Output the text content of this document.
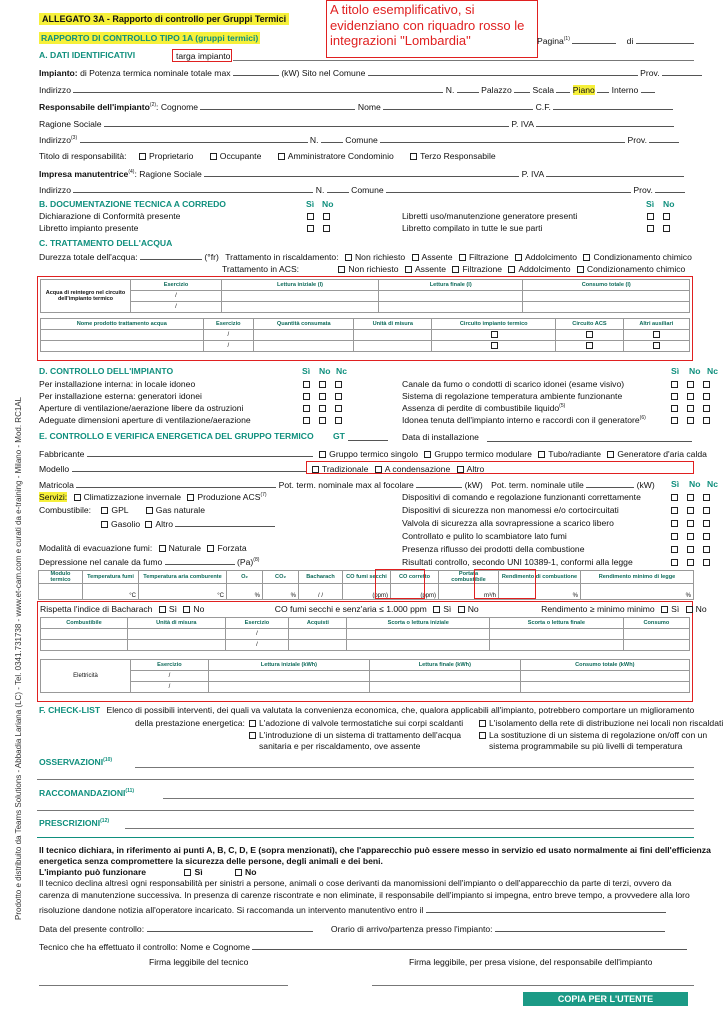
Prodotto e distribuito da Teams Solutions - Abbadia Lariana (LC) - Tel. 0341.731738 - www.et-cam.com e curati da e-training - Milano - Mod. RC1AL
ALLEGATO 3A - Rapporto di controllo per Gruppi Termici
RAPPORTO DI CONTROLLO TIPO 1A (gruppi termici)
A titolo esemplificativo, si evidenziano con riquadro rosso le integrazioni "Lombardia"	Pagina$^{(1)}$	di
A. DATI IDENTIFICATIVI	targa impianto
Impianto: di Potenza termica nominale totale max	(kW) Sito nel Comune	Prov.
Indirizzo	N.	Palazzo Scala Piano Interno
Responsabile dell'impianto$^{(2)}$: Cognome	Nome	C.F.
Ragione Sociale	P. IVA
Indirizzo$^{(3)}$	N.	Comune	Prov.
Titolo di responsabilità:	Proprietario	Occupante	Amministratore Condominio	Terzo Responsabile
Impresa manutentrice$^{(4)}$: Ragione Sociale	P. IVA
Indirizzo	N.	Comune	Prov.
B. DOCUMENTAZIONE TECNICA A CORREDO	Sì No	Sì No
Dichiarazione di Conformità presente
Libretto impianto presente
Libretti uso/manutenzione generatore presenti
Libretto compilato in tutte le sue parti
C. TRATTAMENTO DELL'ACQUA
Durezza totale dell'acqua:	(°fr) Trattamento in riscaldamento: Non richiesto Assente Filtrazione Addolcimento Condizionamento chimico
Trattamento in ACS:	Non richiesto Assente Filtrazione Addolcimento Condizionamento chimico
Acqua di reintegro nel circuito dell'impianto termico	Esercizio	Lettura iniziale (l)	Lettura finale (l)	Consumo totale (l)
	/			
	/			
Nome prodotto trattamento acqua	Esercizio	Quantità consumata	Unità di misura	Circuito impianto termico	Circuito ACS	Altri ausiliari
	/					
	/					
D. CONTROLLO DELL'IMPIANTO	Sì No Nc	Sì No Nc
Per installazione interna: in locale idoneo
Per installazione esterna: generatori idonei
Aperture di ventilazione/aerazione libere da ostruzioni
Adeguate dimensioni aperture di ventilazione/aerazione
Canale da fumo o condotti di scarico idonei (esame visivo)
Sistema di regolazione temperatura ambiente funzionante
Assenza di perdite di combustibile liquido$^{(5)}$
Idonea tenuta dell'impianto interno e raccordi con il generatore$^{(6)}$
E. CONTROLLO E VERIFICA ENERGETICA DEL GRUPPO TERMICO	GT	Data di installazione
Fabbricante	Gruppo termico singolo Gruppo termico modulare Tubo/radiante Generatore d'aria calda
Modello	Tradizionale A condensazione Altro
Matricola	Pot. term. nominale max al focolare	(kW) Pot. term. nominale utile	(kW)	Sì No Nc
Servizi: Climatizzazione invernale Produzione ACS$^{(7)}$
Combustibile: GPL	Gas naturale
Gasolio Altro
Modalità di evacuazione fumi: Naturale Forzata
Depressione nel canale da fumo	$(Pa)^{(8)}$
Dispositivi di comando e regolazione funzionanti correttamente
Dispositivi di sicurezza non manomessi e/o cortocircuitati
Valvola di sicurezza alla sovrapressione a scarico libero
Controllato e pulito lo scambiatore lato fumi
Presenza riflusso dei prodotti della combustione
Risultati controllo, secondo UNI 10389-1, conformi alla legge
Modulo termico	Temperatura fumi	Temperatura aria comburente	O₂	CO₂	Bacharach	CO fumi secchi	CO corretto	Portata combustibile	Rendimento di combustione	Rendimento minimo di legge
	°C	°C	%	%	/ /	(ppm)	(ppm)	m³/h	%	%
Rispetta l'indice di Bacharach Sì No	CO fumi secchi e senz'aria ≤ 1.000 ppm Sì No	Rendimento ≥ minimo minimo Sì No
Combustibile	Unità di misura	Esercizio	Acquisti	Scorta o lettura iniziale	Scorta o lettura finale	Consumo
		/				
		/				
Elettricità	Esercizio	Lettura iniziale (kWh)	Lettura finale (kWh)	Consumo totale (kWh)
	/			
	/			
F. CHECK-LIST Elenco di possibili interventi, dei quali va valutata la convenienza economica, che, qualora applicabili all'impianto, potrebbero comportare un miglioramento
della prestazione energetica:	L'adozione di valvole termostatiche sui corpi scaldanti	L'isolamento della rete di distribuzione nei locali non riscaldati
L'introduzione di un sistema di trattamento dell'acqua
sanitaria e per riscaldamento, ove assente
La sostituzione di un sistema di regolazione on/off con un
sistema programmabile su più livelli di temperatura
OSSERVAZIONI$^{(10)}$
RACCOMANDAZIONI$^{(11)}$
PRESCRIZIONI$^{(12)}$
Il tecnico dichiara, in riferimento ai punti A, B, C, D, E (sopra menzionati), che l'apparecchio può essere messo in servizio ed usato normalmente ai fini dell'efficienza
energetica senza compromettere la sicurezza delle persone, degli animali e dei beni.
L'impianto può funzionare	Sì	No
Il tecnico declina altresì ogni responsabilità per sinistri a persone, animali o cose derivanti da manomissioni dell'impianto o dell'apparecchio da parte di terzi, ovvero da
carenza di manutenzione successiva. In presenza di carenze riscontrate e non eliminate, il responsabile dell'impianto si impegna, entro breve tempo, a provvedere alla loro
risoluzione dandone notizia all'operatore incaricato. Si raccomanda un intervento manutentivo entro il
Data del presente controllo:	Orario di arrivo/partenza presso l'impianto:
Tecnico che ha effettuato il controllo: Nome e Cognome
Firma leggibile del tecnico	Firma leggibile, per presa visione, del responsabile dell'impianto
COPIA PER L'UTENTE
